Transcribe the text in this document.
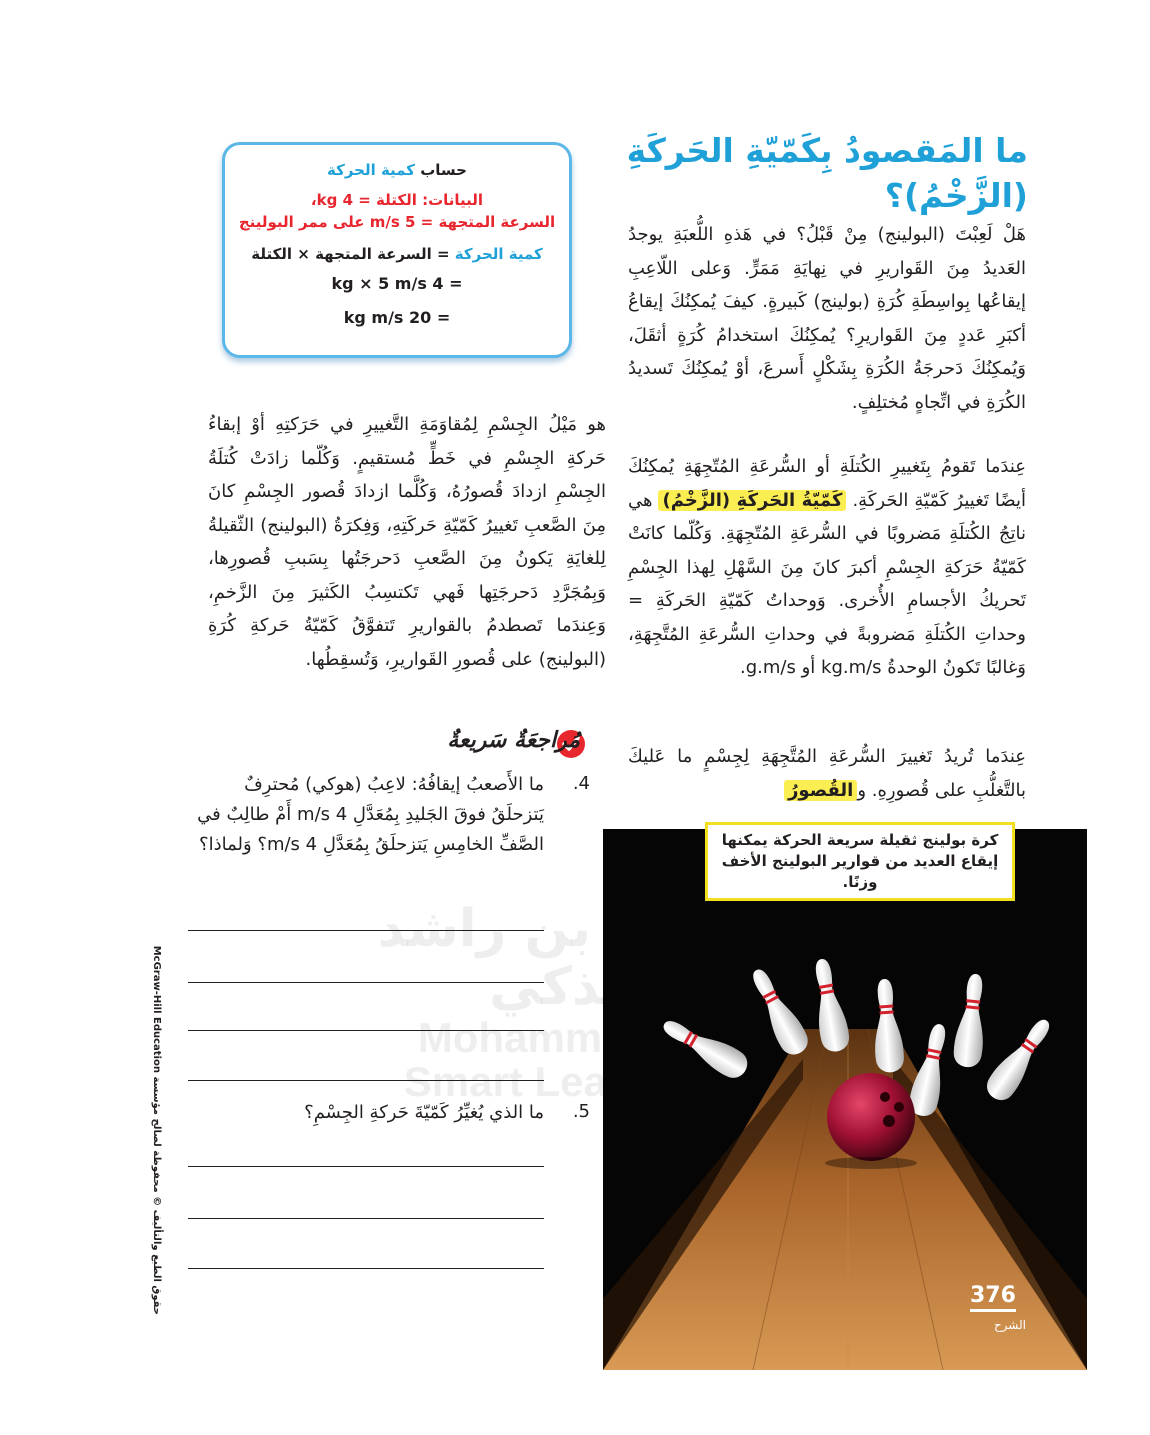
بن راشد
الذكي
Mohammed
Smart
ما المَقصودُ بِكَمّيّةِ الحَركَةِ (الزَّخْمُ)؟
هَلْ لَعِبْتَ (البولينج) مِنْ قَبْلُ؟ في هَذهِ اللُّعبَةِ يوجدُ العَديدُ مِنَ القَواريرِ في نِهايَةِ مَمَرٍّ. وَعلى اللّاعِبِ إيقاعُها بِواسِطَةِ كُرَةِ (بولينج) كَبيرةٍ. كيفَ يُمكِنُكَ إيقاعُ أكبَرِ عَددٍ مِنَ القَواريرِ؟ يُمكِنُكَ استخدامُ كُرَةٍ أثقَلَ، وَيُمكِنُكَ دَحرجَةُ الكُرَةِ بِشَكْلٍ أَسرعَ، أوْ يُمكِنُكَ تَسديدُ الكُرَةِ في اتِّجاهٍ مُختلِفٍ.
عِندَما تَقومُ بِتَغييرِ الكُتلَةِ أو السُّرعَةِ المُتّجِهَةِ يُمكِنُكَ أيضًا تَغييرُ كَمّيّةِ الحَركَةِ. كَمّيّةُ الحَركَةِ (الزَّخْمُ) هي ناتِجُ الكُتلَةِ مَضروبًا في السُّرعَةِ المُتّجِهَةِ. وَكُلّما كانَتْ كَمّيّةُ حَرَكةِ الجِسْمِ أكبرَ كانَ مِنَ السَّهْلِ لِهذا الجِسْمِ تَحريكُ الأجسامِ الأُخرى. وَوحداتُ كَمّيّةِ الحَركَةِ = وحداتِ الكُتلَةِ مَضروبةً في وحداتِ السُّرعَةِ المُتَّجِهَةِ، وَغالبًا تَكونُ الوحدةُ kg.m/s أو g.m/s.
عِندَما تُريدُ تَغييرَ السُّرعَةِ المُتَّجِهَةِ لِجِسْمٍ ما عَليكَ بالتَّغلُّبِ على قُصورِهِ. والقُصورُ
حساب كمية الحركة
البيانات: الكتلة = 4 kg،
السرعة المتجهة = 5 m/s على ممر البولينج
كمية الحركة = السرعة المتجهة × الكتلة
= 4 kg × 5 m/s
= 20 kg m/s
هو مَيْلُ الجِسْمِ لِمُقاوَمَةِ التَّغييرِ في حَرَكتِهِ أوْ إبقاءُ حَركةِ الجِسْمِ في خَطٍّ مُستقيمٍ. وَكُلّما زادَتْ كُتلَةُ الجِسْمِ ازدادَ قُصورُهُ، وَكُلَّما ازدادَ قُصور الجِسْمِ كانَ مِنَ الصَّعبِ تَغييرُ كَمّيّةِ حَركَتِهِ، وَفِكرَةُ (البولينج) الثّقيلةُ لِلغايَةِ يَكونُ مِنَ الصَّعبِ دَحرجَتُها بِسَببِ قُصورِها، وَبِمُجَرَّدِ دَحرجَتِها فَهي تَكتسِبُ الكَثيرَ مِنَ الزَّخمِ، وَعِندَما تَصطدمُ بالقواريرِ تَتفوَّقُ كَمّيّةُ حَركةِ كُرَةِ (البولينج) على قُصورِ القَواريرِ، وَتُسقِطُها.
مُراجعَةٌ سَريعةٌ
4.
ما الأَصعبُ إيقافُهُ: لاعِبُ (هوكي) مُحترِفٌ يَتزحلَقُ فوقَ الجَليدِ بِمُعَدَّلِ 4 m/s أَمْ طالِبٌ في الصَّفِّ الخامِسِ يَتزحلَقُ بِمُعَدَّلِ 4 m/s؟ وَلماذا؟
5.
ما الذي يُغيِّرُ كَمّيّةَ حَركةِ الجِسْمِ؟
حقوق الطبع والتأليف © محفوظة لصالح مؤسسة McGraw-Hill Education
كرة بولينج ثقيلة سريعة الحركة يمكنها إيقاع العديد من قوارير البولينج الأخف وزنًا.
376
الشرح
